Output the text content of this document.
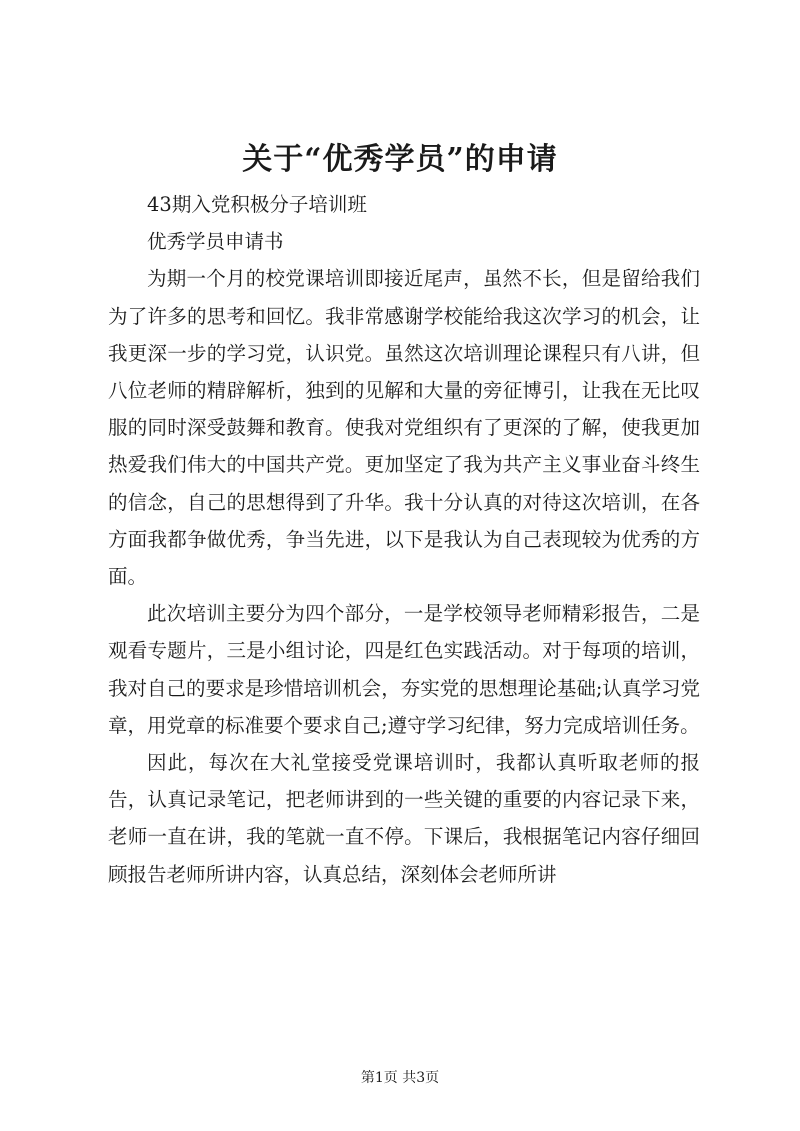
关于“优秀学员”的申请

43期入党积极分子培训班

优秀学员申请书

为期一个月的校党课培训即接近尾声，虽然不长，但是留给我们为了许多的思考和回忆。我非常感谢学校能给我这次学习的机会，让我更深一步的学习党，认识党。虽然这次培训理论课程只有八讲，但八位老师的精辟解析，独到的见解和大量的旁征博引，让我在无比叹服的同时深受鼓舞和教育。使我对党组织有了更深的了解，使我更加热爱我们伟大的中国共产党。更加坚定了我为共产主义事业奋斗终生的信念，自己的思想得到了升华。我十分认真的对待这次培训，在各方面我都争做优秀，争当先进，以下是我认为自己表现较为优秀的方面。

此次培训主要分为四个部分，一是学校领导老师精彩报告，二是观看专题片，三是小组讨论，四是红色实践活动。对于每项的培训，我对自己的要求是珍惜培训机会，夯实党的思想理论基础;认真学习党章，用党章的标准要个要求自己;遵守学习纪律，努力完成培训任务。

因此，每次在大礼堂接受党课培训时，我都认真听取老师的报告，认真记录笔记，把老师讲到的一些关键的重要的内容记录下来，老师一直在讲，我的笔就一直不停。下课后，我根据笔记内容仔细回顾报告老师所讲内容，认真总结，深刻体会老师所讲

第1页 共3页
